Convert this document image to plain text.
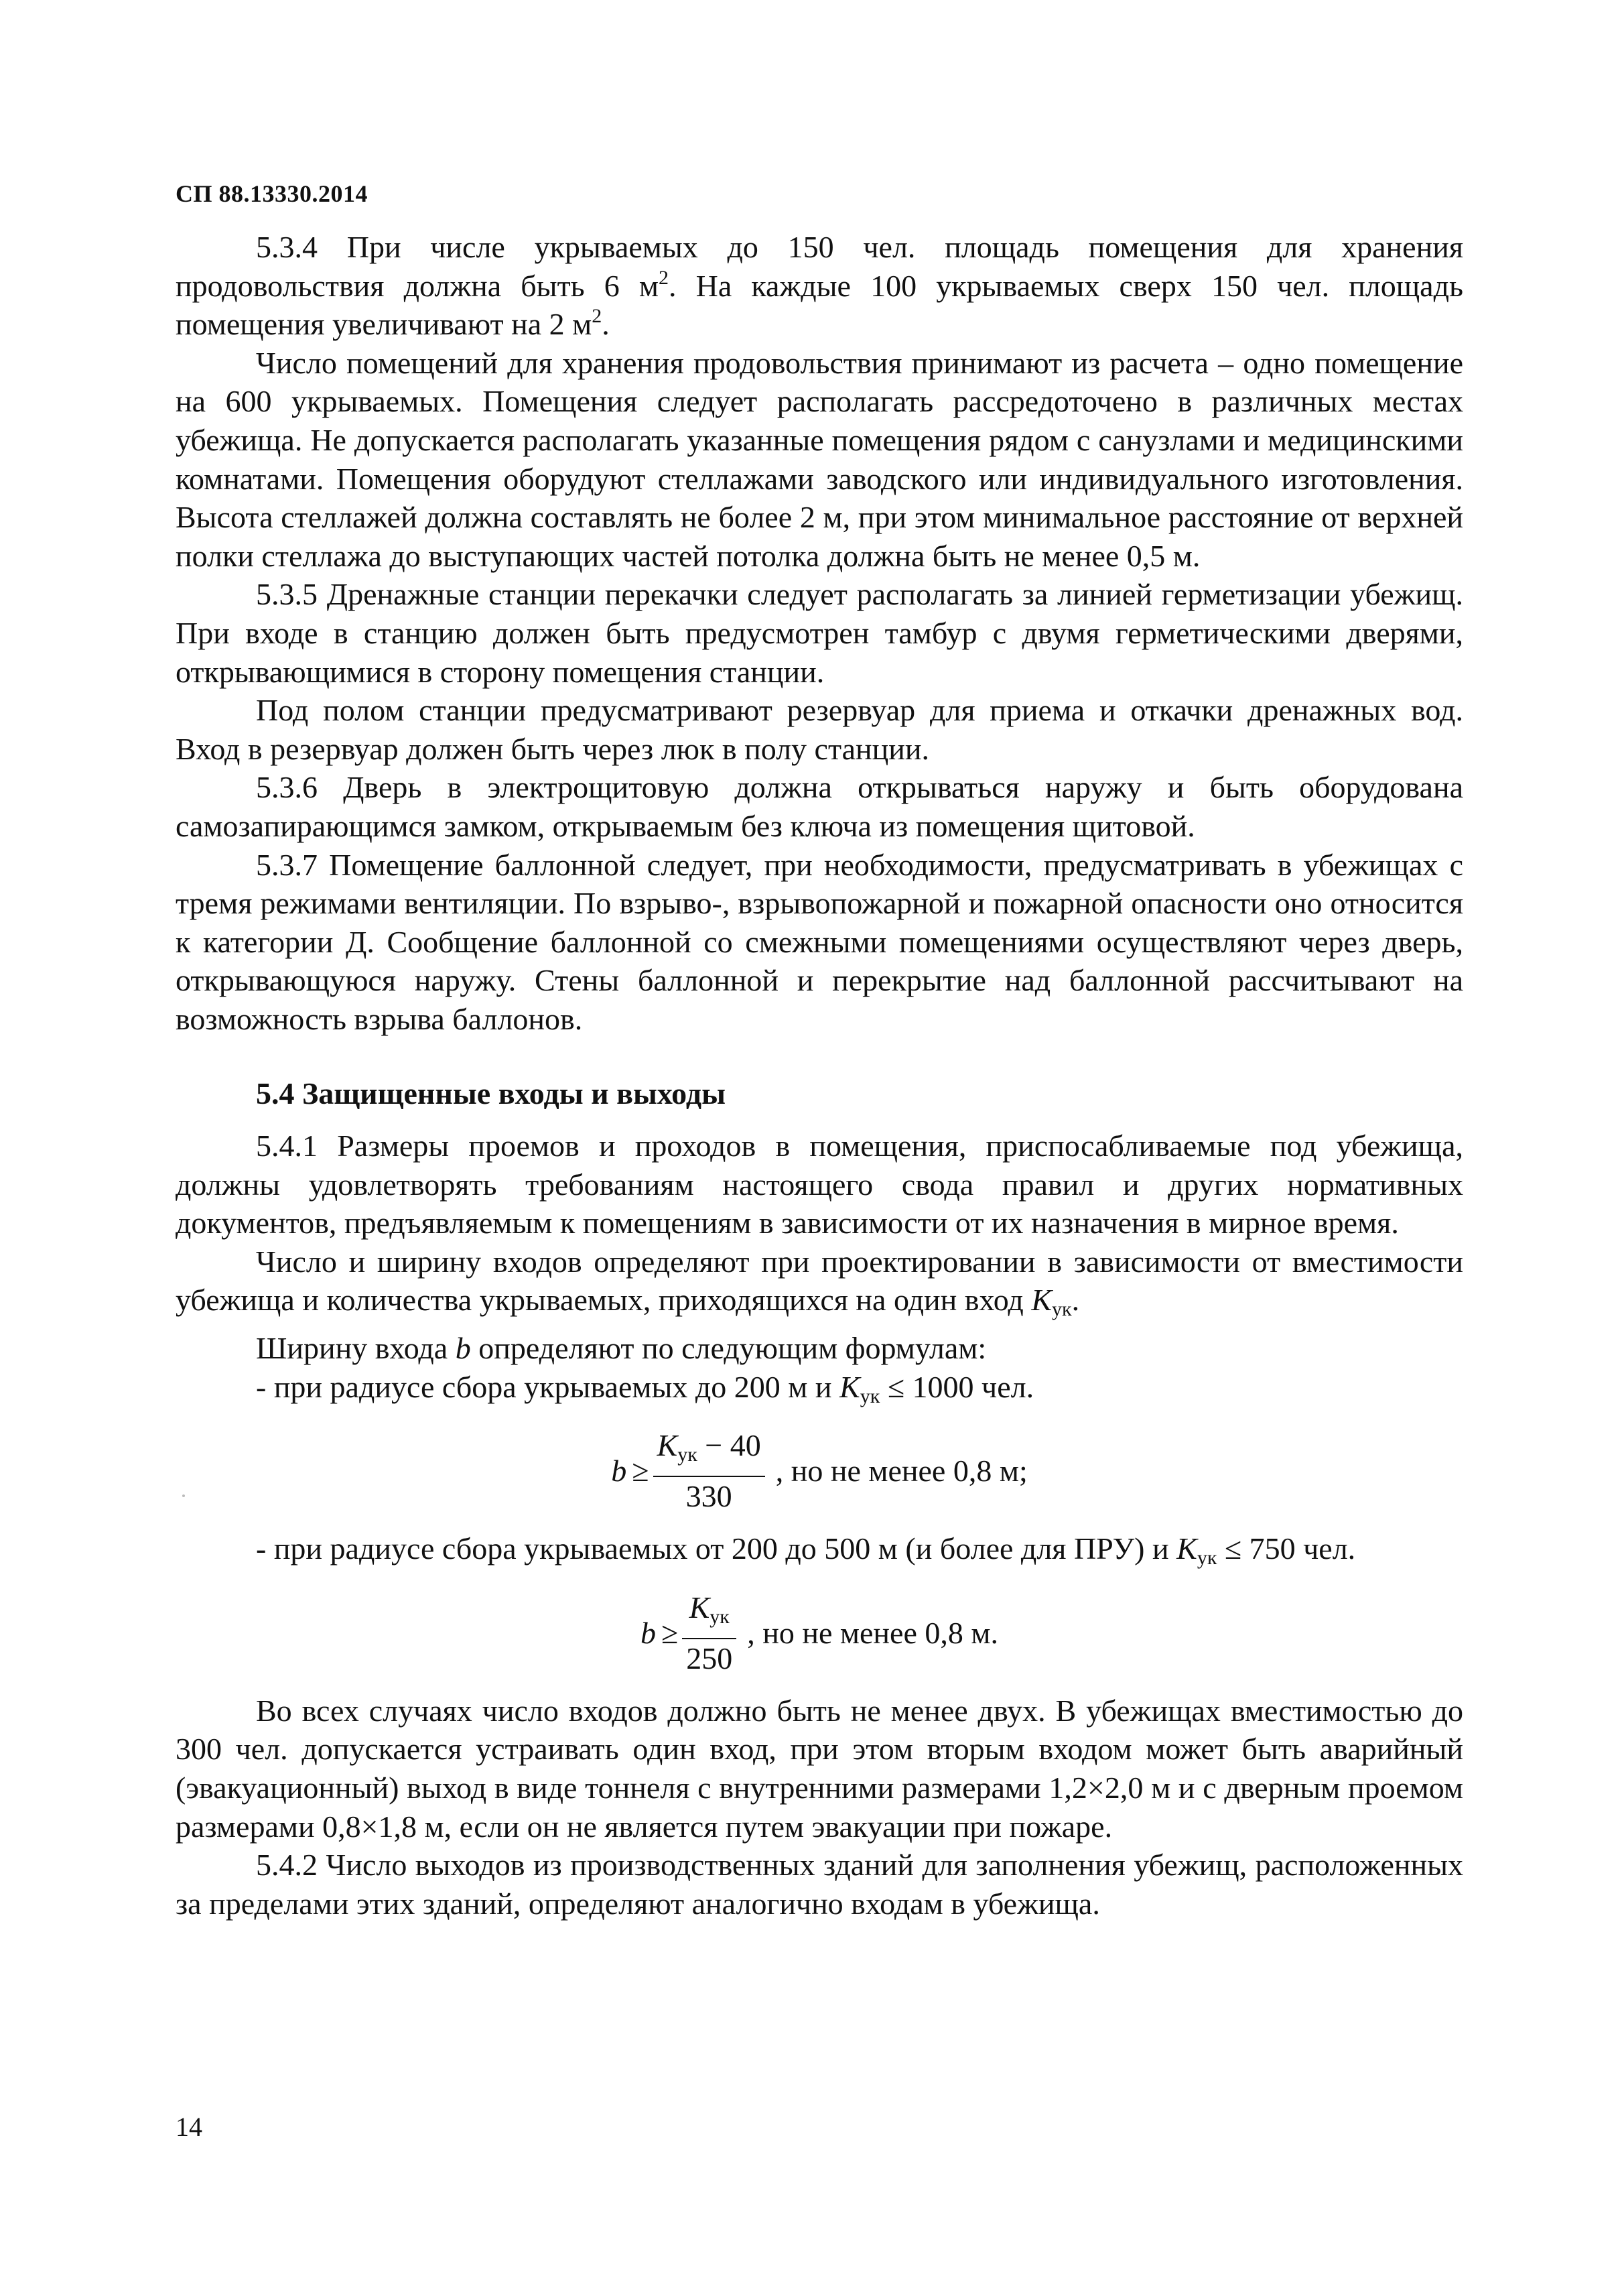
СП 88.13330.2014

5.3.4 При числе укрываемых до 150 чел. площадь помещения для хранения продовольствия должна быть 6 $м^2$. На каждые 100 укрываемых сверх 150 чел. площадь помещения увеличивают на 2 $м^2$.

Число помещений для хранения продовольствия принимают из расчета – одно помещение на 600 укрываемых. Помещения следует располагать рассредоточено в различных местах убежища. Не допускается располагать указанные помещения рядом с санузлами и медицинскими комнатами. Помещения оборудуют стеллажами заводского или индивидуального изготовления. Высота стеллажей должна составлять не более 2 м, при этом минимальное расстояние от верхней полки стеллажа до выступающих частей потолка должна быть не менее 0,5 м.

5.3.5 Дренажные станции перекачки следует располагать за линией герметизации убежищ. При входе в станцию должен быть предусмотрен тамбур с двумя герметическими дверями, открывающимися в сторону помещения станции.

Под полом станции предусматривают резервуар для приема и откачки дренажных вод. Вход в резервуар должен быть через люк в полу станции.

5.3.6 Дверь в электрощитовую должна открываться наружу и быть оборудована самозапирающимся замком, открываемым без ключа из помещения щитовой.

5.3.7 Помещение баллонной следует, при необходимости, предусматривать в убежищах с тремя режимами вентиляции. По взрыво-, взрывопожарной и пожарной опасности оно относится к категории Д. Сообщение баллонной со смежными помещениями осуществляют через дверь, открывающуюся наружу. Стены баллонной и перекрытие над баллонной рассчитывают на возможность взрыва баллонов.

5.4 Защищенные входы и выходы

5.4.1 Размеры проемов и проходов в помещения, приспосабливаемые под убежища, должны удовлетворять требованиям настоящего свода правил и других нормативных документов, предъявляемым к помещениям в зависимости от их назначения в мирное время.

Число и ширину входов определяют при проектировании в зависимости от вместимости убежища и количества укрываемых, приходящихся на один вход $K_{ук}$.

Ширину входа b определяют по следующим формулам:

- при радиусе сбора укрываемых до 200 м и $K_{ук} \le 1000$ чел.

$b \ge \frac{K_{ук} - 40}{330}$ , но не менее 0,8 м;

- при радиусе сбора укрываемых от 200 до 500 м (и более для ПРУ) и $K_{ук} \le 750$ чел.

$b \ge \frac{K_{ук}}{250}$ , но не менее 0,8 м.

Во всех случаях число входов должно быть не менее двух. В убежищах вместимостью до 300 чел. допускается устраивать один вход, при этом вторым входом может быть аварийный (эвакуационный) выход в виде тоннеля с внутренними размерами 1,2×2,0 м и с дверным проемом размерами 0,8×1,8 м, если он не является путем эвакуации при пожаре.

5.4.2 Число выходов из производственных зданий для заполнения убежищ, расположенных за пределами этих зданий, определяют аналогично входам в убежища.

14
